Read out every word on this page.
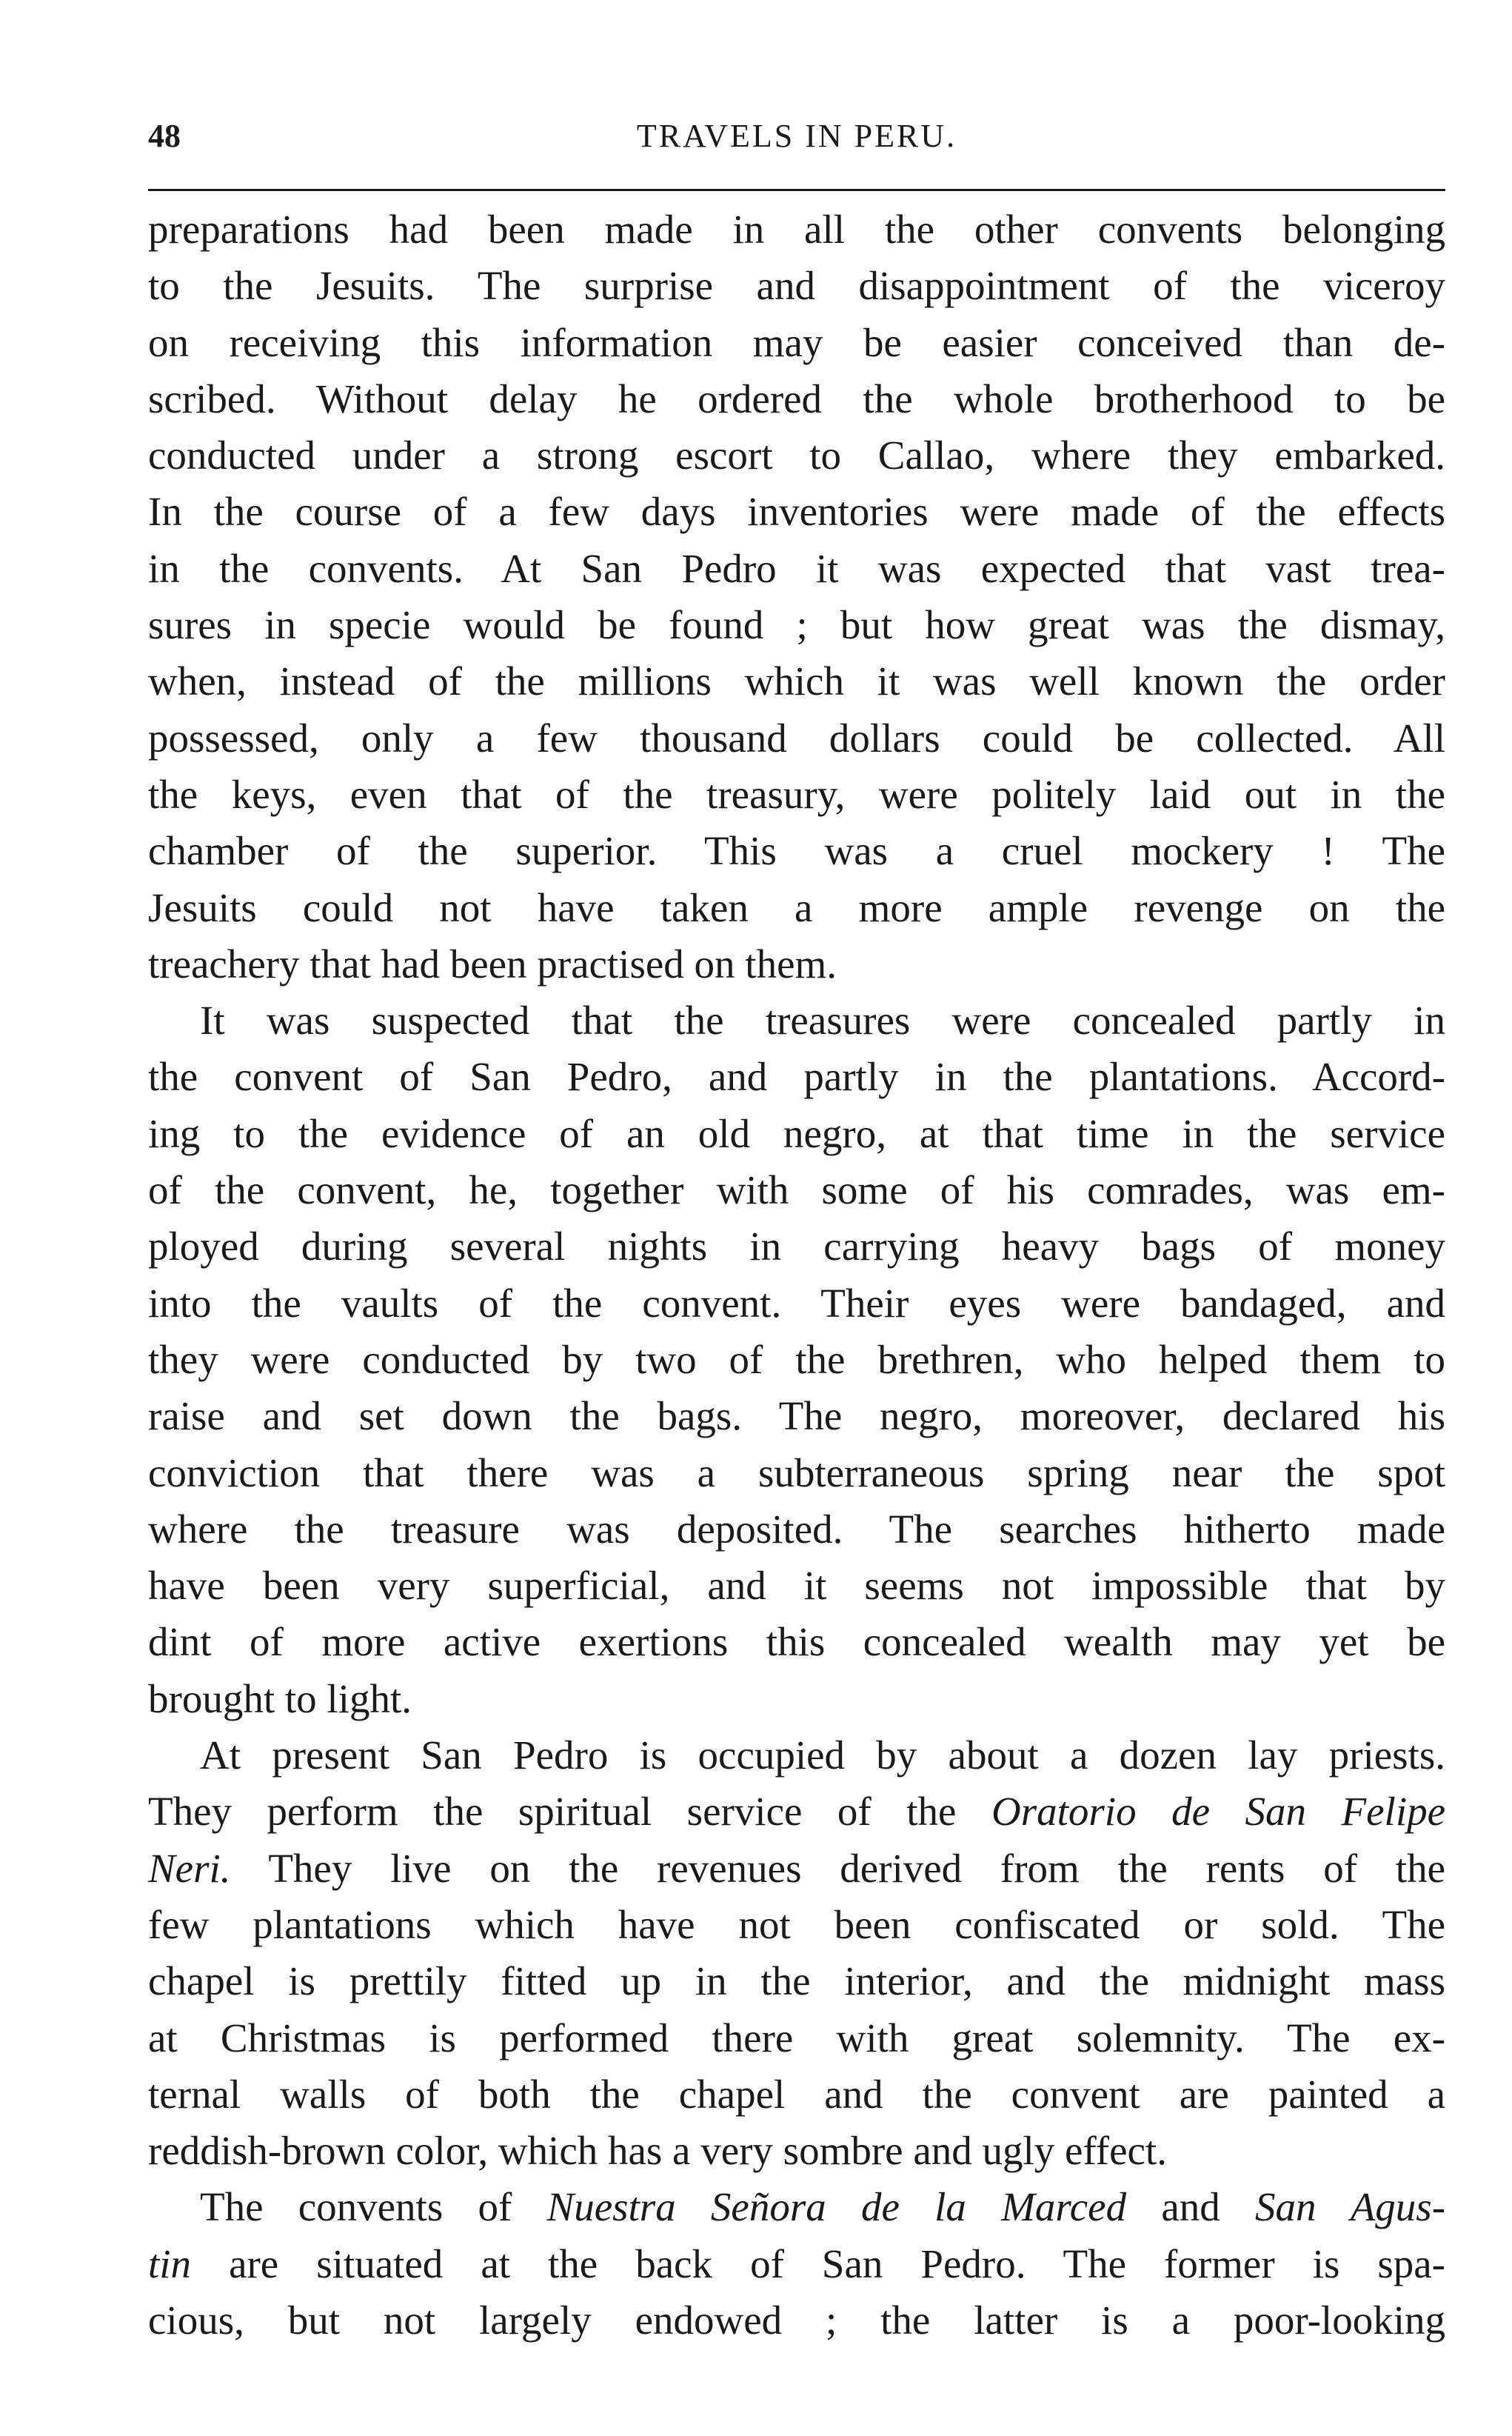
48	TRAVELS IN PERU.
preparations had been made in all the other convents belonging
to the Jesuits. The surprise and disappointment of the viceroy
on receiving this information may be easier conceived than de-
scribed. Without delay he ordered the whole brotherhood to be
conducted under a strong escort to Callao, where they embarked.
In the course of a few days inventories were made of the effects
in the convents. At San Pedro it was expected that vast trea-
sures in specie would be found ; but how great was the dismay,
when, instead of the millions which it was well known the order
possessed, only a few thousand dollars could be collected. All
the keys, even that of the treasury, were politely laid out in the
chamber of the superior. This was a cruel mockery ! The
Jesuits could not have taken a more ample revenge on the
treachery that had been practised on them.
It was suspected that the treasures were concealed partly in
the convent of San Pedro, and partly in the plantations. Accord-
ing to the evidence of an old negro, at that time in the service
of the convent, he, together with some of his comrades, was em-
ployed during several nights in carrying heavy bags of money
into the vaults of the convent. Their eyes were bandaged, and
they were conducted by two of the brethren, who helped them to
raise and set down the bags. The negro, moreover, declared his
conviction that there was a subterraneous spring near the spot
where the treasure was deposited. The searches hitherto made
have been very superficial, and it seems not impossible that by
dint of more active exertions this concealed wealth may yet be
brought to light.
At present San Pedro is occupied by about a dozen lay priests.
They perform the spiritual service of the Oratorio de San Felipe
Neri. They live on the revenues derived from the rents of the
few plantations which have not been confiscated or sold. The
chapel is prettily fitted up in the interior, and the midnight mass
at Christmas is performed there with great solemnity. The ex-
ternal walls of both the chapel and the convent are painted a
reddish-brown color, which has a very sombre and ugly effect.
The convents of Nuestra Señora de la Marced and San Agus-
tin are situated at the back of San Pedro. The former is spa-
cious, but not largely endowed ; the latter is a poor-looking
